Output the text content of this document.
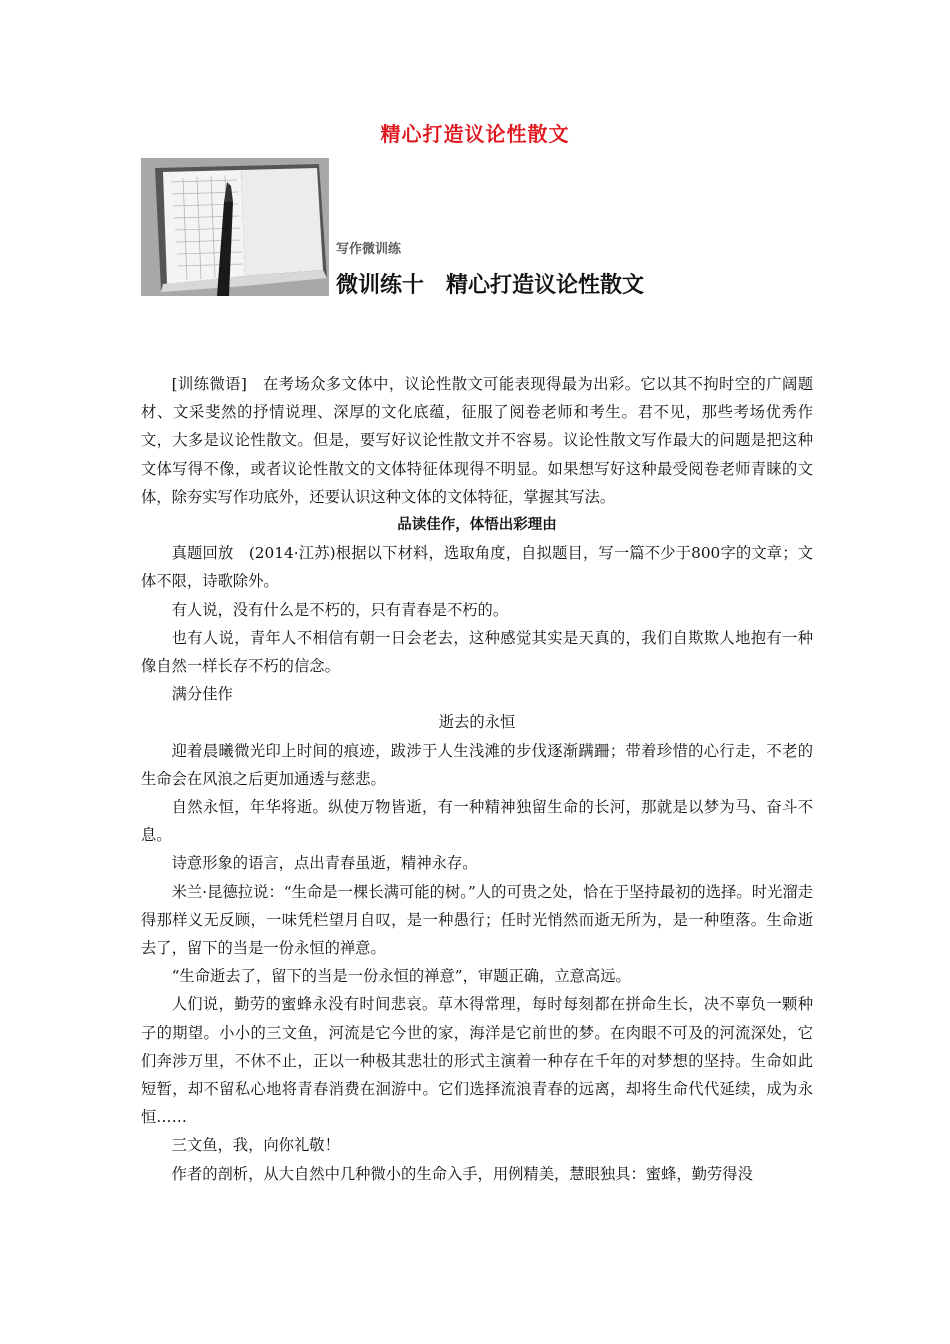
精心打造议论性散文
写作微训练
微训练十　精心打造议论性散文

[训练微语]　在考场众多文体中，议论性散文可能表现得最为出彩。它以其不拘时空的广阔题材、文采斐然的抒情说理、深厚的文化底蕴，征服了阅卷老师和考生。君不见，那些考场优秀作文，大多是议论性散文。但是，要写好议论性散文并不容易。议论性散文写作最大的问题是把这种文体写得不像，或者议论性散文的文体特征体现得不明显。如果想写好这种最受阅卷老师青睐的文体，除夯实写作功底外，还要认识这种文体的文体特征，掌握其写法。

品读佳作，体悟出彩理由

真题回放　(2014·江苏)根据以下材料，选取角度，自拟题目，写一篇不少于800字的文章；文体不限，诗歌除外。

有人说，没有什么是不朽的，只有青春是不朽的。

也有人说，青年人不相信有朝一日会老去，这种感觉其实是天真的，我们自欺欺人地抱有一种像自然一样长存不朽的信念。

满分佳作

逝去的永恒

迎着晨曦微光印上时间的痕迹，跋涉于人生浅滩的步伐逐渐蹒跚；带着珍惜的心行走，不老的生命会在风浪之后更加通透与慈悲。

自然永恒，年华将逝。纵使万物皆逝，有一种精神独留生命的长河，那就是以梦为马、奋斗不息。

诗意形象的语言，点出青春虽逝，精神永存。

米兰·昆德拉说：“生命是一棵长满可能的树。”人的可贵之处，恰在于坚持最初的选择。时光溜走得那样义无反顾，一味凭栏望月自叹，是一种愚行；任时光悄然而逝无所为，是一种堕落。生命逝去了，留下的当是一份永恒的禅意。

“生命逝去了，留下的当是一份永恒的禅意”，审题正确，立意高远。

人们说，勤劳的蜜蜂永没有时间悲哀。草木得常理，每时每刻都在拼命生长，决不辜负一颗种子的期望。小小的三文鱼，河流是它今世的家，海洋是它前世的梦。在肉眼不可及的河流深处，它们奔涉万里，不休不止，正以一种极其悲壮的形式主演着一种存在千年的对梦想的坚持。生命如此短暂，却不留私心地将青春消费在洄游中。它们选择流浪青春的远离，却将生命代代延续，成为永恒……

三文鱼，我，向你礼敬！

作者的剖析，从大自然中几种微小的生命入手，用例精美，慧眼独具：蜜蜂，勤劳得没
